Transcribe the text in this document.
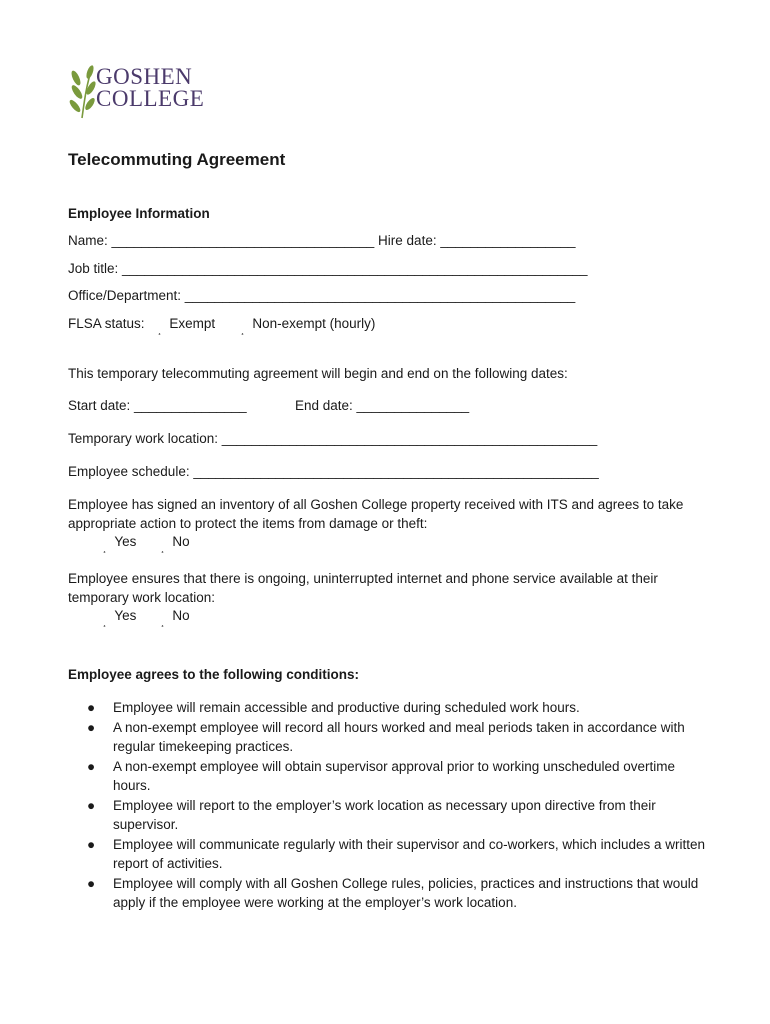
GOSHEN
COLLEGE
Telecommuting Agreement
Employee Information
Name: ___________________________________ Hire date: __________________
Job title: ______________________________________________________________
Office/Department: ____________________________________________________
FLSA status: ¸ Exempt	¸ Non-exempt (hourly)
This temporary telecommuting agreement will begin and end on the following dates:
Start date: _______________	End date: _______________
Temporary work location: __________________________________________________
Employee schedule: ______________________________________________________
Employee has signed an inventory of all Goshen College property received with ITS and agrees to take appropriate action to protect the items from damage or theft:
¸ Yes ¸ No
Employee ensures that there is ongoing, uninterrupted internet and phone service available at their temporary work location:
¸ Yes ¸ No
Employee agrees to the following conditions:
● Employee will remain accessible and productive during scheduled work hours.
● A non-exempt employee will record all hours worked and meal periods taken in accordance with regular timekeeping practices.
● A non-exempt employee will obtain supervisor approval prior to working unscheduled overtime hours.
● Employee will report to the employer’s work location as necessary upon directive from their supervisor.
● Employee will communicate regularly with their supervisor and co-workers, which includes a written report of activities.
● Employee will comply with all Goshen College rules, policies, practices and instructions that would apply if the employee were working at the employer’s work location.
